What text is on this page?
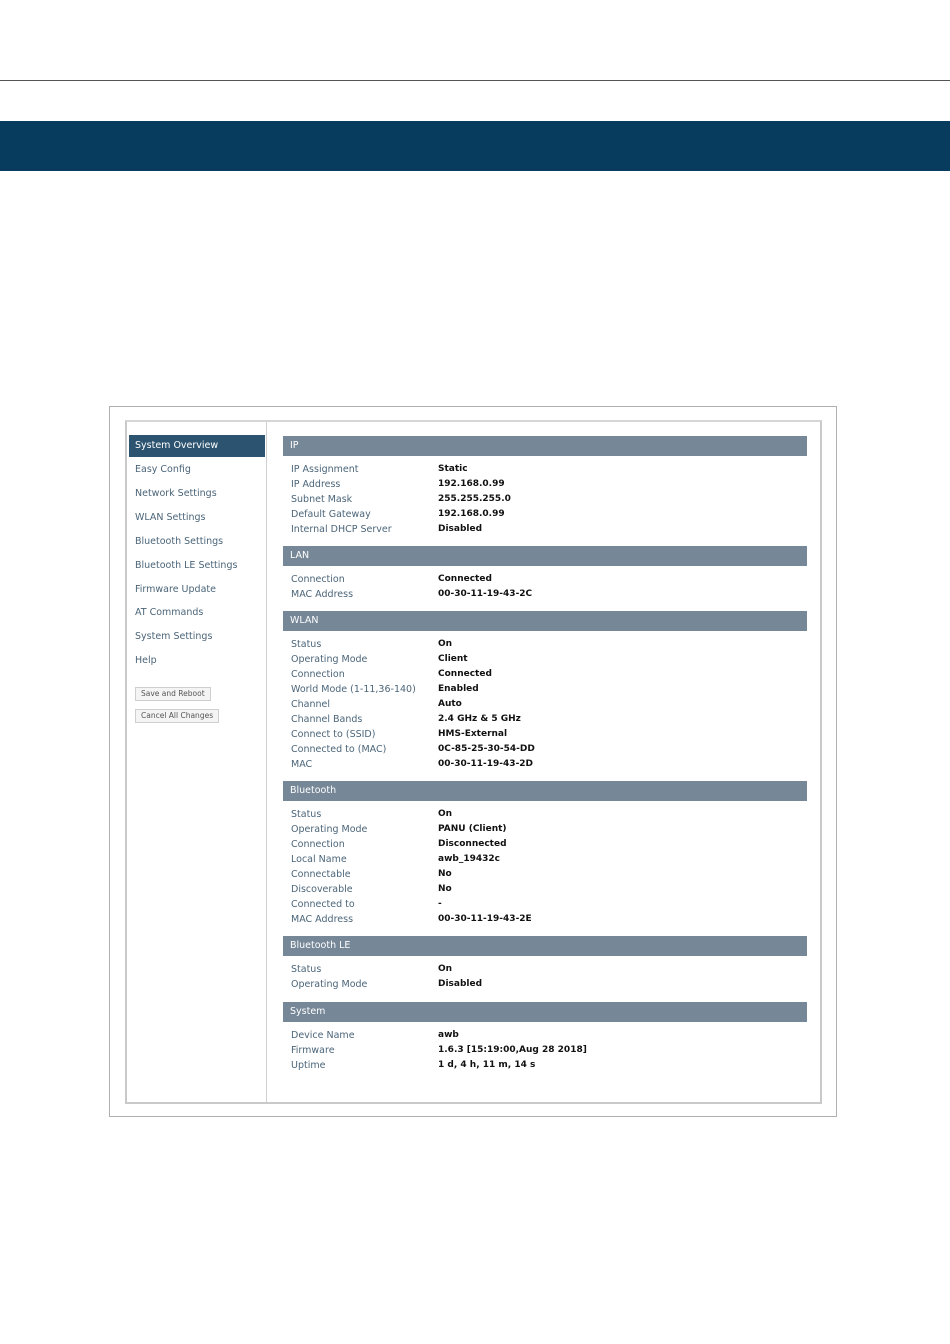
System Overview
Easy Config
Network Settings
WLAN Settings
Bluetooth Settings
Bluetooth LE Settings
Firmware Update
AT Commands
System Settings
Help
Save and Reboot
Cancel All Changes
IP
IP Assignment	Static
IP Address	192.168.0.99
Subnet Mask	255.255.255.0
Default Gateway	192.168.0.99
Internal DHCP Server	Disabled
LAN
Connection	Connected
MAC Address	00-30-11-19-43-2C
WLAN
Status	On
Operating Mode	Client
Connection	Connected
World Mode (1-11,36-140) Enabled
Channel	Auto
Channel Bands	2.4 GHz & 5 GHz
Connect to (SSID)	HMS-External
Connected to (MAC)	0C-85-25-30-54-DD
MAC	00-30-11-19-43-2D
Bluetooth
Status	On
Operating Mode	PANU (Client)
Connection	Disconnected
Local Name	awb_19432c
Connectable	No
Discoverable	No
Connected to	-
MAC Address	00-30-11-19-43-2E
Bluetooth LE
Status	On
Operating Mode	Disabled
System
Device Name	awb
Firmware	1.6.3 [15:19:00,Aug 28 2018]
Uptime	1 d, 4 h, 11 m, 14 s
